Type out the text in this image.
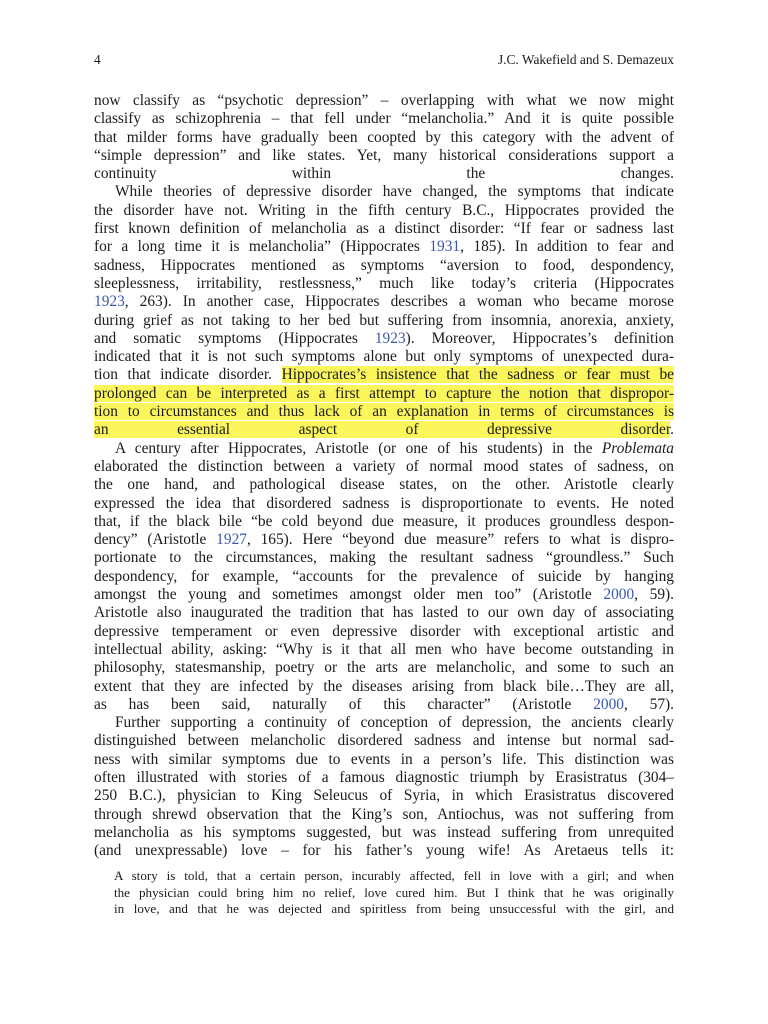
4	J.C. Wakefield and S. Demazeux
now classify as “psychotic depression” – overlapping with what we now might
classify as schizophrenia – that fell under “melancholia.” And it is quite possible
that milder forms have gradually been coopted by this category with the advent of
“simple depression” and like states. Yet, many historical considerations support a
continuity within the changes.
While theories of depressive disorder have changed, the symptoms that indicate
the disorder have not. Writing in the fifth century B.C., Hippocrates provided the
first known definition of melancholia as a distinct disorder: “If fear or sadness last
for a long time it is melancholia” (Hippocrates 1931, 185). In addition to fear and
sadness, Hippocrates mentioned as symptoms “aversion to food, despondency,
sleeplessness, irritability, restlessness,” much like today’s criteria (Hippocrates
1923, 263). In another case, Hippocrates describes a woman who became morose
during grief as not taking to her bed but suffering from insomnia, anorexia, anxiety,
and somatic symptoms (Hippocrates 1923). Moreover, Hippocrates’s definition
indicated that it is not such symptoms alone but only symptoms of unexpected dura-
tion that indicate disorder. Hippocrates’s insistence that the sadness or fear must be
prolonged can be interpreted as a first attempt to capture the notion that dispropor-
tion to circumstances and thus lack of an explanation in terms of circumstances is
an essential aspect of depressive disorder.
A century after Hippocrates, Aristotle (or one of his students) in the Problemata
elaborated the distinction between a variety of normal mood states of sadness, on
the one hand, and pathological disease states, on the other. Aristotle clearly
expressed the idea that disordered sadness is disproportionate to events. He noted
that, if the black bile “be cold beyond due measure, it produces groundless despon-
dency” (Aristotle 1927, 165). Here “beyond due measure” refers to what is dispro-
portionate to the circumstances, making the resultant sadness “groundless.” Such
despondency, for example, “accounts for the prevalence of suicide by hanging
amongst the young and sometimes amongst older men too” (Aristotle 2000, 59).
Aristotle also inaugurated the tradition that has lasted to our own day of associating
depressive temperament or even depressive disorder with exceptional artistic and
intellectual ability, asking: “Why is it that all men who have become outstanding in
philosophy, statesmanship, poetry or the arts are melancholic, and some to such an
extent that they are infected by the diseases arising from black bile…They are all,
as has been said, naturally of this character” (Aristotle 2000, 57).
Further supporting a continuity of conception of depression, the ancients clearly
distinguished between melancholic disordered sadness and intense but normal sad-
ness with similar symptoms due to events in a person’s life. This distinction was
often illustrated with stories of a famous diagnostic triumph by Erasistratus (304–
250 B.C.), physician to King Seleucus of Syria, in which Erasistratus discovered
through shrewd observation that the King’s son, Antiochus, was not suffering from
melancholia as his symptoms suggested, but was instead suffering from unrequited
(and unexpressable) love – for his father’s young wife! As Aretaeus tells it:
A story is told, that a certain person, incurably affected, fell in love with a girl; and when
the physician could bring him no relief, love cured him. But I think that he was originally
in love, and that he was dejected and spiritless from being unsuccessful with the girl, and
